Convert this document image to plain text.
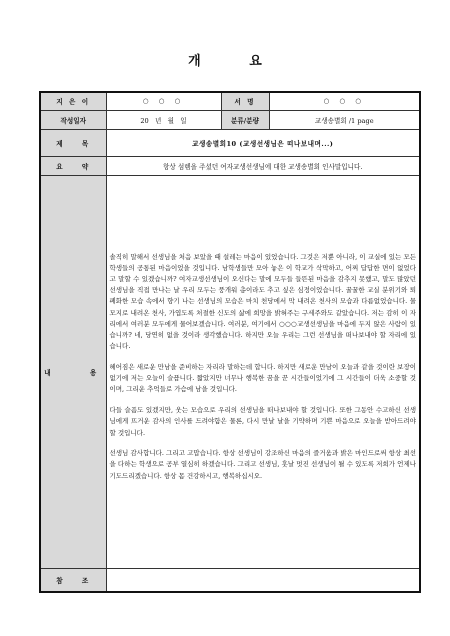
개 요
지 은 이	○ ○ ○	서 명	○ ○ ○
작성일자	20   년   월   일	분류/분량	교생송별회 /1 page
제    목	교생송별회10 (교생선생님은 떠나보내며...)		
요    약	항상 섬렘을 주셨던 여자교생선생님에 대한 교생송별회 인사말입니다.		
내    용	솔직히 말해서 선생님을 처음 보았을 때 설레는 마음이 있었습니다. 그것은 저뿐 아니라, 이 교실에 있는 모든 학생들의 공통된 마음이었을 것입니다. 남학생들만 모아 놓은 이 학교가 삭막하고, 어찌 답답한 면이 없었다고 말할 수 있겠습니까? 여자교생선생님이 오신다는 말에 모두들 들뜬된 마음을 감추지 못했고, 말도 많았던 선생님을 직접 만나는 날 우리 모두는 풍개워 총이라도 추고 싶은 심정이었습니다. 꿀꿀한 교실 분위기와 퇴폐화한 모습 속에서 향기 나는 선생님의 모습은 마치 천당에서 막 내려온 천사의 모습과 다름없었습니다. 물모지로 내려온 천사, 가엽도록 처절한 신도의 삶에 희망을 밝혀주는 구세주와도 같았습니다. 저는 감히 이 자리에서 여러분 모두에게 물어보겠습니다. 여러분, 여기에서 ○○○교생선생님을 마음에 두지 않은 사람이 있습니까? 네, 당연히 없을 것이라 생각했습니다. 하지만 오늘 우리는 그런 선생님을 떠나보내야 할 자리에 있습니다.

헤어짐은 새로운 만남을 준비하는 자리라 말하는데 합니다. 하지만 새로운 만남이 오늘과 같을 것이란 보장이 없기에 저는 오늘이 슬픕니다. 짧았지만 너무나 행복한 꿈을 꾼 시간들이었기에 그 시간들이 더욱 소중할 것이며, 그리운 추억들로 가슴에 남을 것입니다.

다들 슬픔도 있겠지만, 웃는 모습으로 우리의 선생님을 떠나보내야 할 것입니다. 또한 그동안 수고하신 선생님에게 뜨거운 감사의 인사를 드려야함은 물론, 다시 만날 날을 기약하며 기쁜 마음으로 오늘을 받아드려야 할 것입니다.

선생님 감사합니다. 그리고 고맙습니다. 항상 선생님이 강조하신 마음의 즐거움과 밝은 마인드로써 항상 최선을 다하는 학생으로 공부 열심히 하겠습니다. 그리고 선생님, 훗날 멋진 선생님이 될 수 있도록 저희가 언제나 기도드리겠습니다. 항상 몸 건강하시고, 행복하십시오.		

참    조			
